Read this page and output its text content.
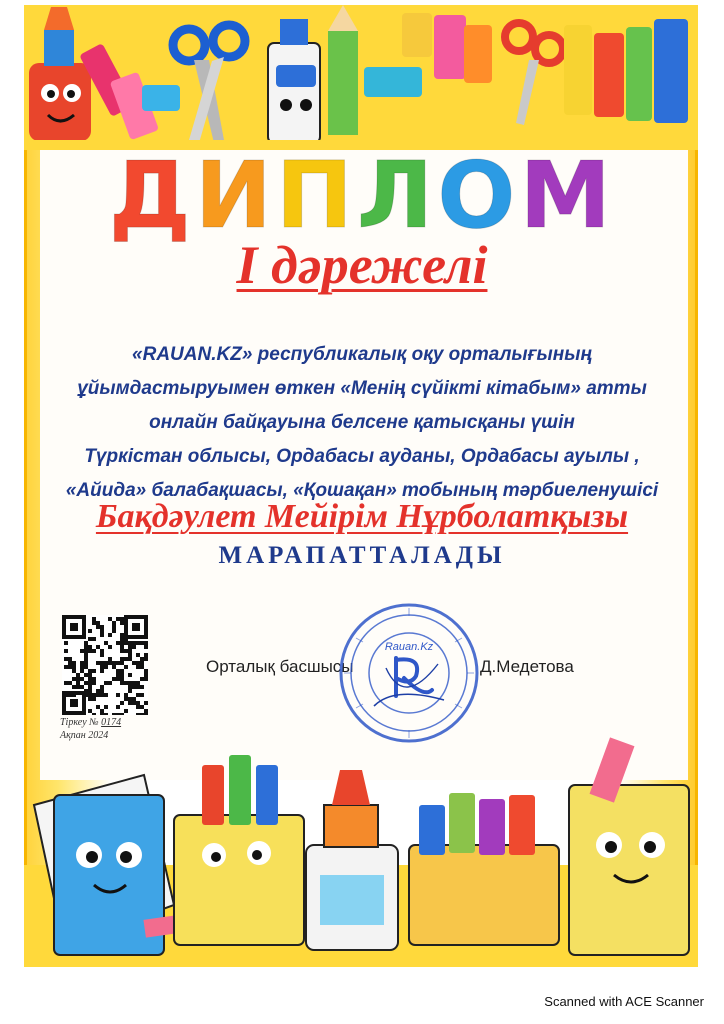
ДИПЛОМ
І дәрежелі
«RAUAN.KZ» республикалық оқу орталығының
ұйымдастыруымен өткен «Менің сүйікті кітабым» атты
онлайн байқауына белсене қатысқаны үшін
Түркістан облысы, Ордабасы ауданы, Ордабасы ауылы ,
«Айида» балабақшасы, «Қошақан» тобының тәрбиеленушісі
Бақдәулет Мейірім Нұрболатқызы
МАРАПАТТАЛАДЫ
Тіркеу № 0174
Ақпан 2024
Орталық басшысы
Rauan.Kz
Д.Медетова
Scanned with ACE Scanner
